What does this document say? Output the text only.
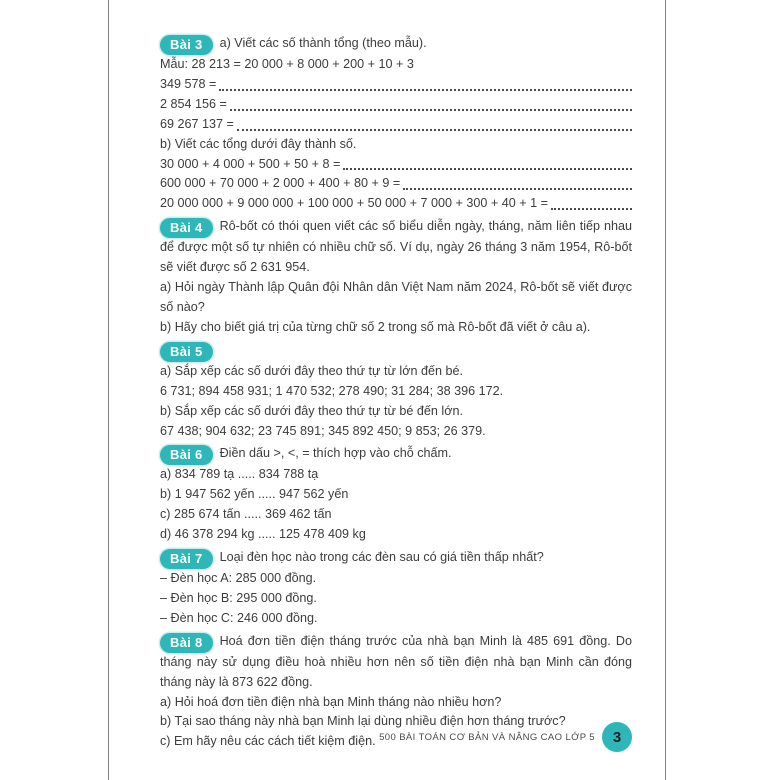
Bài 3 a) Viết các số thành tổng (theo mẫu).
Mẫu: 28 213 = 20 000 + 8 000 + 200 + 10 + 3
349 578 =
2 854 156 =
69 267 137 =
b) Viết các tổng dưới đây thành số.
30 000 + 4 000 + 500 + 50 + 8 =
600 000 + 70 000 + 2 000 + 400 + 80 + 9 =
20 000 000 + 9 000 000 + 100 000 + 50 000 + 7 000 + 300 + 40 + 1 =
Bài 4 Rô-bốt có thói quen viết các số biểu diễn ngày, tháng, năm liên tiếp nhau để được một số tự nhiên có nhiều chữ số. Ví dụ, ngày 26 tháng 3 năm 1954, Rô-bốt sẽ viết được số 2 631 954.
a) Hỏi ngày Thành lập Quân đội Nhân dân Việt Nam năm 2024, Rô-bốt sẽ viết được số nào?
b) Hãy cho biết giá trị của từng chữ số 2 trong số mà Rô-bốt đã viết ở câu a).
Bài 5
a) Sắp xếp các số dưới đây theo thứ tự từ lớn đến bé.
6 731; 894 458 931; 1 470 532; 278 490; 31 284; 38 396 172.
b) Sắp xếp các số dưới đây theo thứ tự từ bé đến lớn.
67 438; 904 632; 23 745 891; 345 892 450; 9 853; 26 379.
Bài 6 Điền dấu >, <, = thích hợp vào chỗ chấm.
a) 834 789 tạ ..... 834 788 tạ
b) 1 947 562 yến ..... 947 562 yến
c) 285 674 tấn ..... 369 462 tấn
d) 46 378 294 kg ..... 125 478 409 kg
Bài 7 Loại đèn học nào trong các đèn sau có giá tiền thấp nhất?
– Đèn học A: 285 000 đồng.
– Đèn học B: 295 000 đồng.
– Đèn học C: 246 000 đồng.
Bài 8 Hoá đơn tiền điện tháng trước của nhà bạn Minh là 485 691 đồng. Do tháng này sử dụng điều hoà nhiều hơn nên số tiền điện nhà bạn Minh cần đóng tháng này là 873 622 đồng.
a) Hỏi hoá đơn tiền điện nhà bạn Minh tháng nào nhiều hơn?
b) Tại sao tháng này nhà bạn Minh lại dùng nhiều điện hơn tháng trước?
c) Em hãy nêu các cách tiết kiệm điện. 500 BÀI TOÁN CƠ BẢN VÀ NÂNG CAO LỚP 5	3
